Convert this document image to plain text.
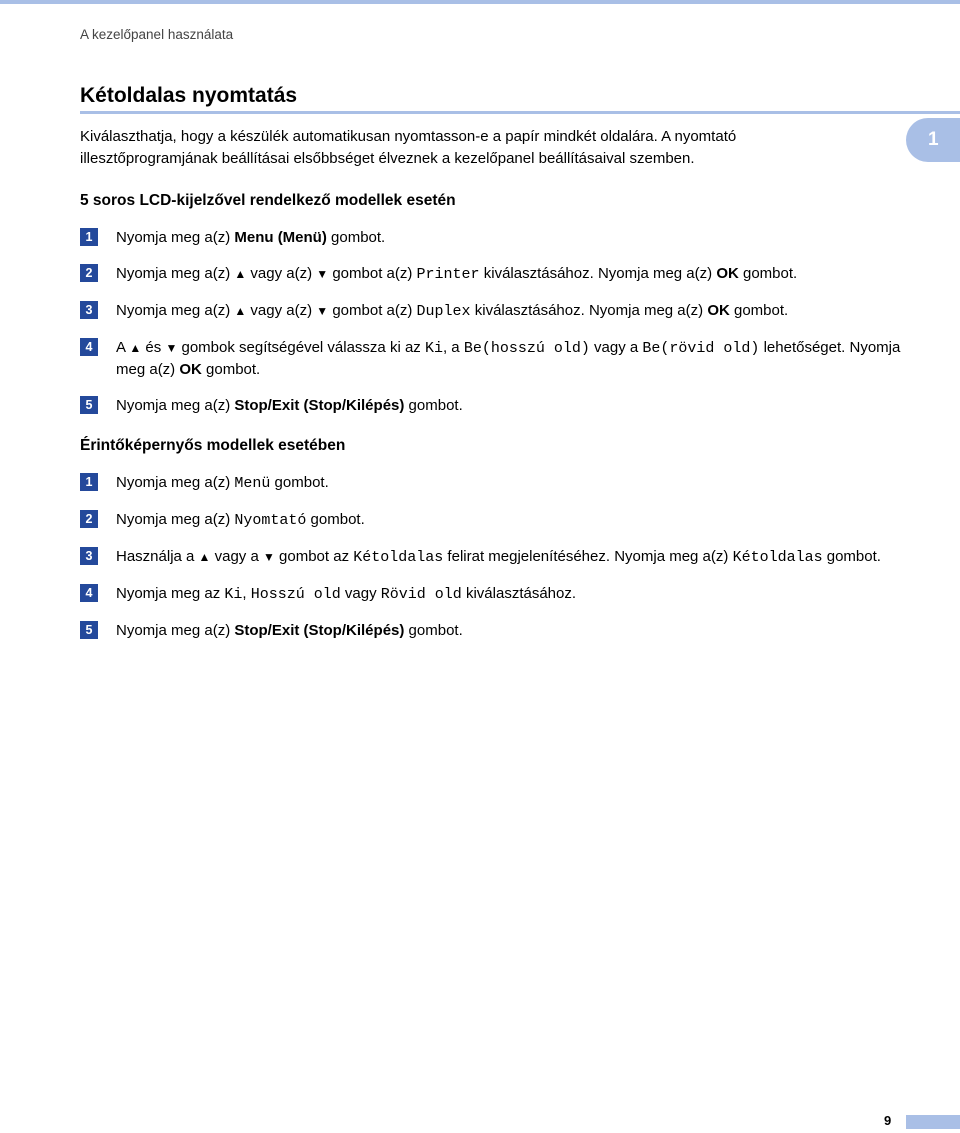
A kezelőpanel használata
Kétoldalas nyomtatás
1
Kiválaszthatja, hogy a készülék automatikusan nyomtasson-e a papír mindkét oldalára. A nyomtató illesztőprogramjának beállításai elsőbbséget élveznek a kezelőpanel beállításaival szemben.
5 soros LCD-kijelzővel rendelkező modellek esetén
1	Nyomja meg a(z) Menu (Menü) gombot.
2	Nyomja meg a(z) ▲ vagy a(z) ▼ gombot a(z) Printer kiválasztásához. Nyomja meg a(z) OK gombot.
3	Nyomja meg a(z) ▲ vagy a(z) ▼ gombot a(z) Duplex kiválasztásához. Nyomja meg a(z) OK gombot.
4	A ▲ és ▼ gombok segítségével válassza ki az Ki, a Be(hosszú old) vagy a Be(rövid old) lehetőséget. Nyomja meg a(z) OK gombot.
5	Nyomja meg a(z) Stop/Exit (Stop/Kilépés) gombot.
Érintőképernyős modellek esetében
1	Nyomja meg a(z) Menü gombot.
2	Nyomja meg a(z) Nyomtató gombot.
3	Használja a ▲ vagy a ▼ gombot az Kétoldalas felirat megjelenítéséhez. Nyomja meg a(z) Kétoldalas gombot.
4	Nyomja meg az Ki, Hosszú old vagy Rövid old kiválasztásához.
5	Nyomja meg a(z) Stop/Exit (Stop/Kilépés) gombot.
9
